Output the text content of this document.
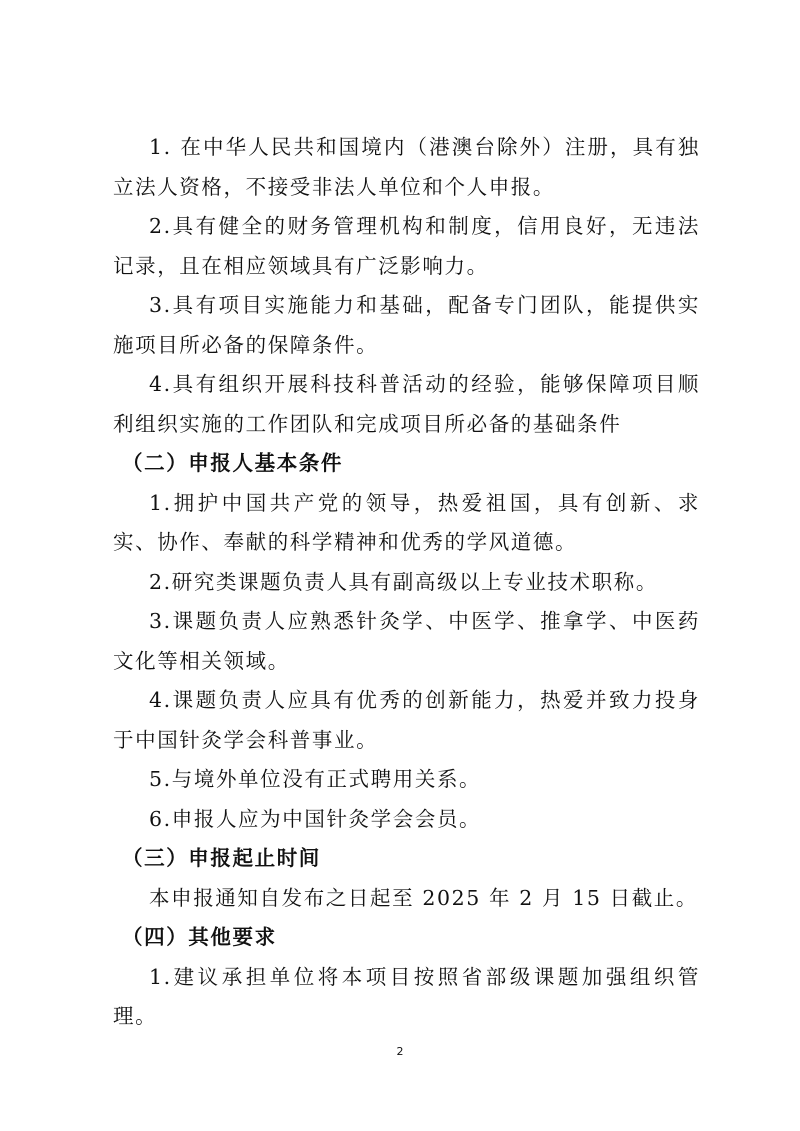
1. 在中华人民共和国境内（港澳台除外）注册，具有独立法人资格，不接受非法人单位和个人申报。

2.具有健全的财务管理机构和制度，信用良好，无违法记录，且在相应领域具有广泛影响力。

3.具有项目实施能力和基础，配备专门团队，能提供实施项目所必备的保障条件。

4.具有组织开展科技科普活动的经验，能够保障项目顺利组织实施的工作团队和完成项目所必备的基础条件

（二）申报人基本条件

1.拥护中国共产党的领导，热爱祖国，具有创新、求实、协作、奉献的科学精神和优秀的学风道德。

2.研究类课题负责人具有副高级以上专业技术职称。

3.课题负责人应熟悉针灸学、中医学、推拿学、中医药文化等相关领域。

4.课题负责人应具有优秀的创新能力，热爱并致力投身于中国针灸学会科普事业。

5.与境外单位没有正式聘用关系。

6.申报人应为中国针灸学会会员。

（三）申报起止时间

本申报通知自发布之日起至 2025 年 2 月 15 日截止。

（四）其他要求

1.建议承担单位将本项目按照省部级课题加强组织管理。

2
